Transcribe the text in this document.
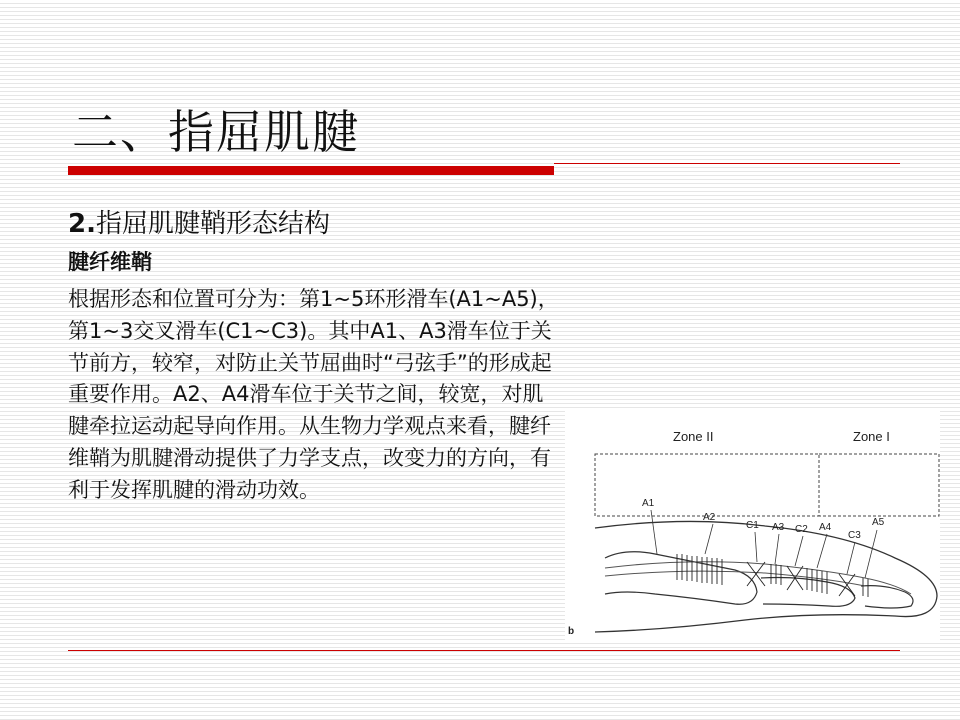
二、指屈肌腱
2.指屈肌腱鞘形态结构
腱纤维鞘
根据形态和位置可分为：第1~5环形滑车(A1~A5)，第1~3交叉滑车(C1~C3)。其中A1、A3滑车位于关节前方，较窄，对防止关节屈曲时“弓弦手”的形成起重要作用。A2、A4滑车位于关节之间，较宽，对肌腱牵拉运动起导向作用。从生物力学观点来看，腱纤维鞘为肌腱滑动提供了力学支点，改变力的方向，有利于发挥肌腱的滑动功效。
Zone II	Zone I
A1
A2
C1 A3 C2 A4
C3
A5
b
